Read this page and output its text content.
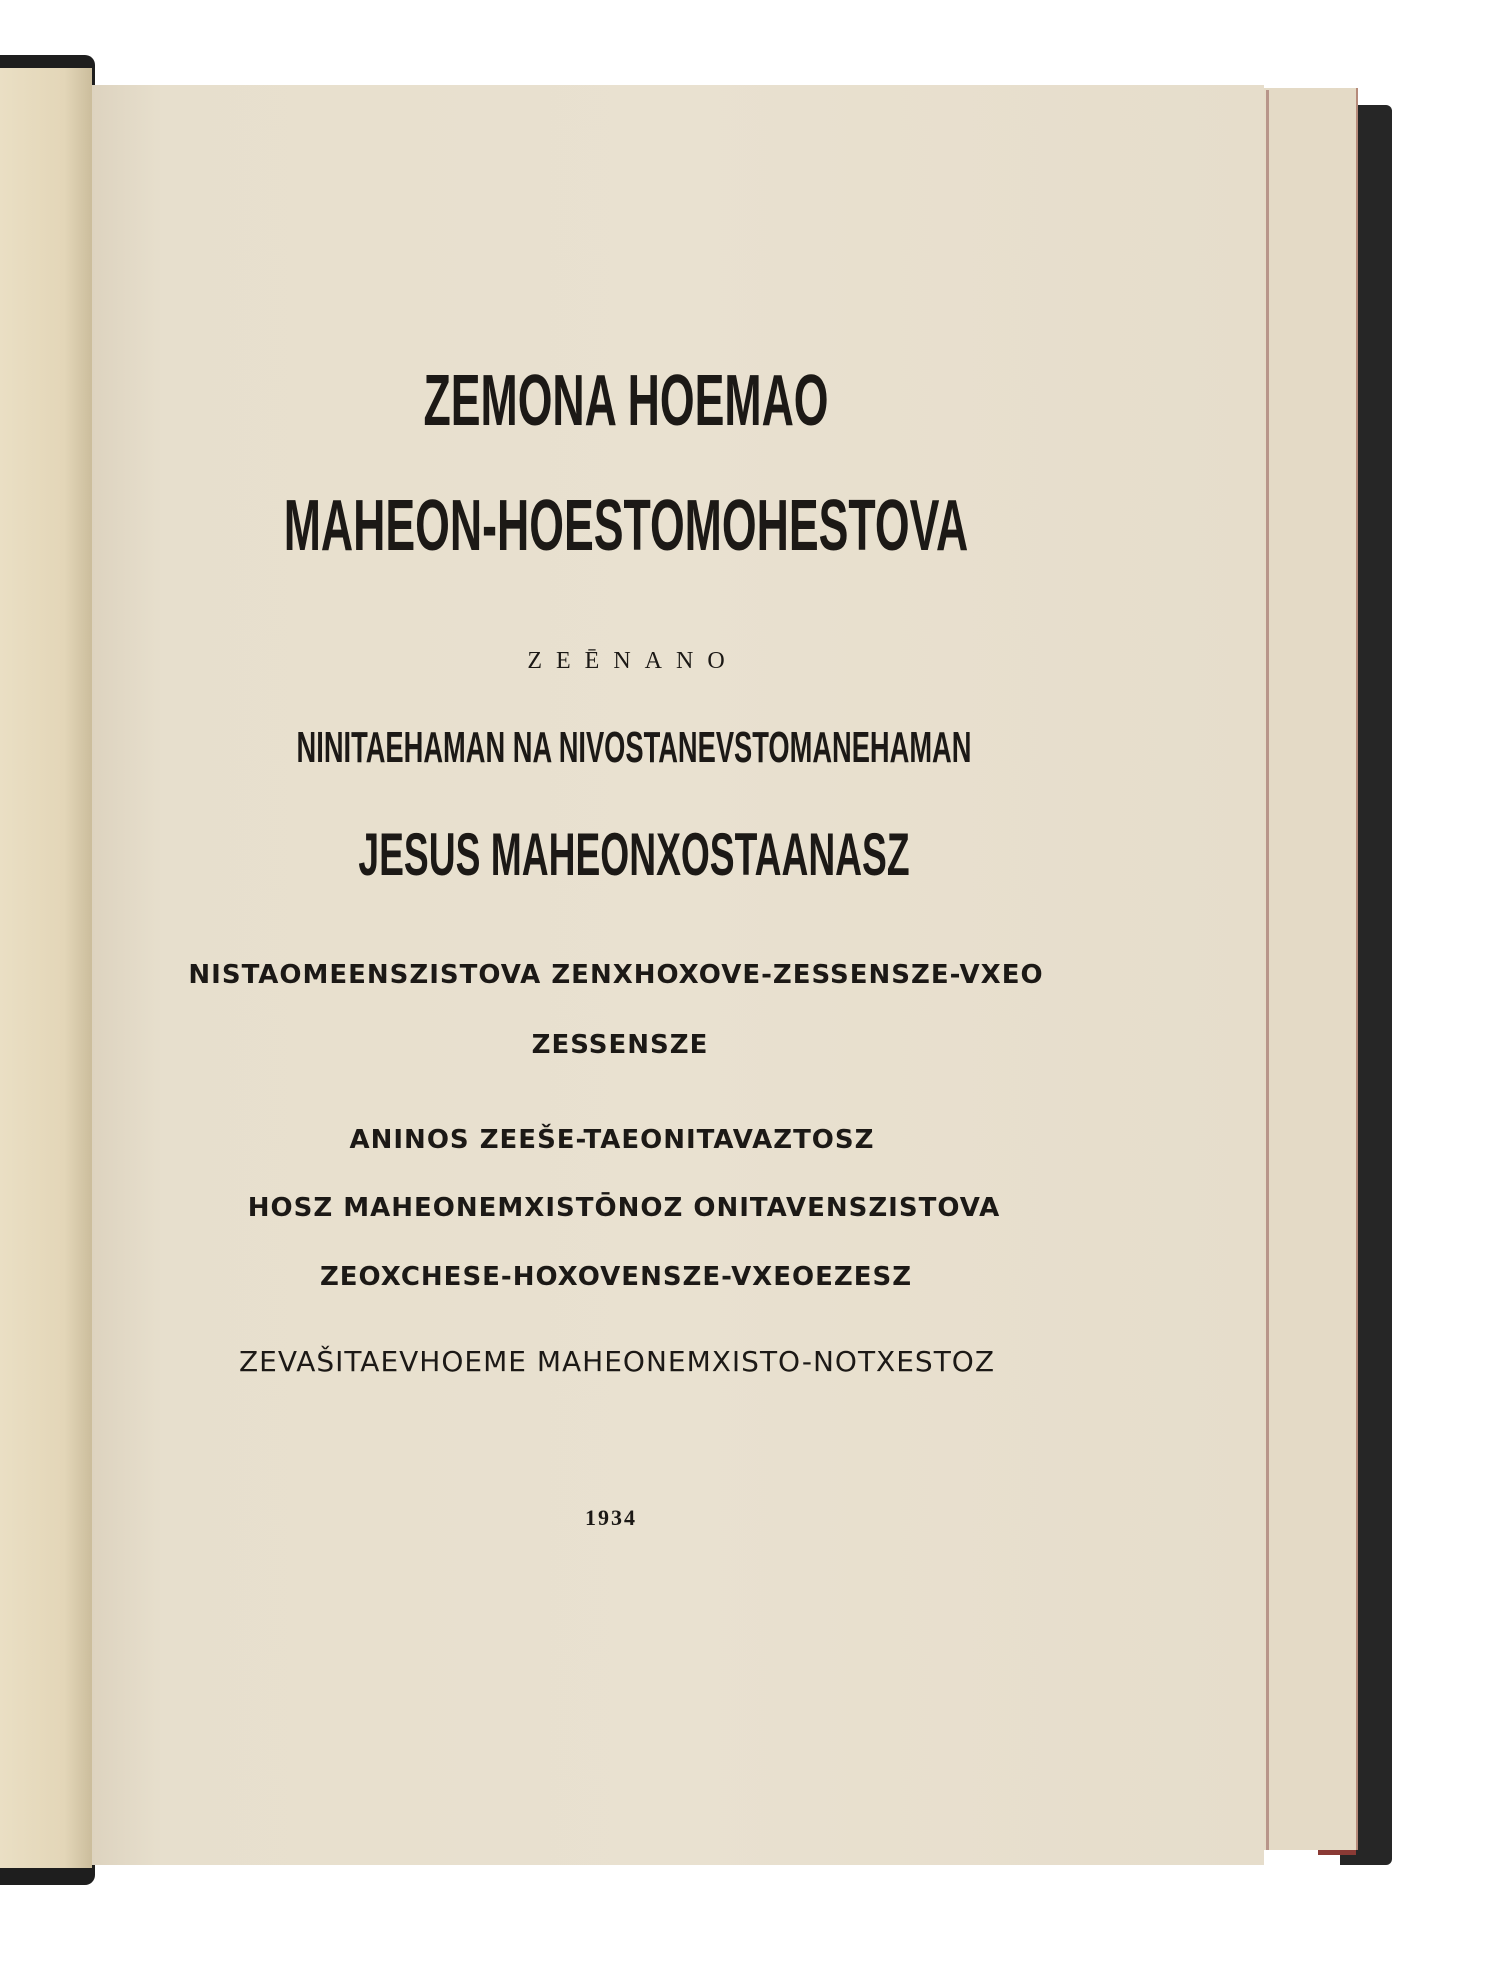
ZEMONA HOEMAO
MAHEON-HOESTOMOHESTOVA
ZEĒNANO
NINITAEHAMAN NA NIVOSTANEVSTOMANEHAMAN
JESUS MAHEONXOSTAANASZ
NISTAOMEENSZISTOVA ZENXHOXOVE-ZESSENSZE-VXEO
ZESSENSZE
ANINOS ZEEŠE-TAEONITAVAZTOSZ
HOSZ MAHEONEMXISTŌNOZ ONITAVENSZISTOVA
ZEOXCHESE-HOXOVENSZE-VXEOEZESZ
ZEVAŠITAEVHOEME MAHEONEMXISTO-NOTXESTOZ
1934
